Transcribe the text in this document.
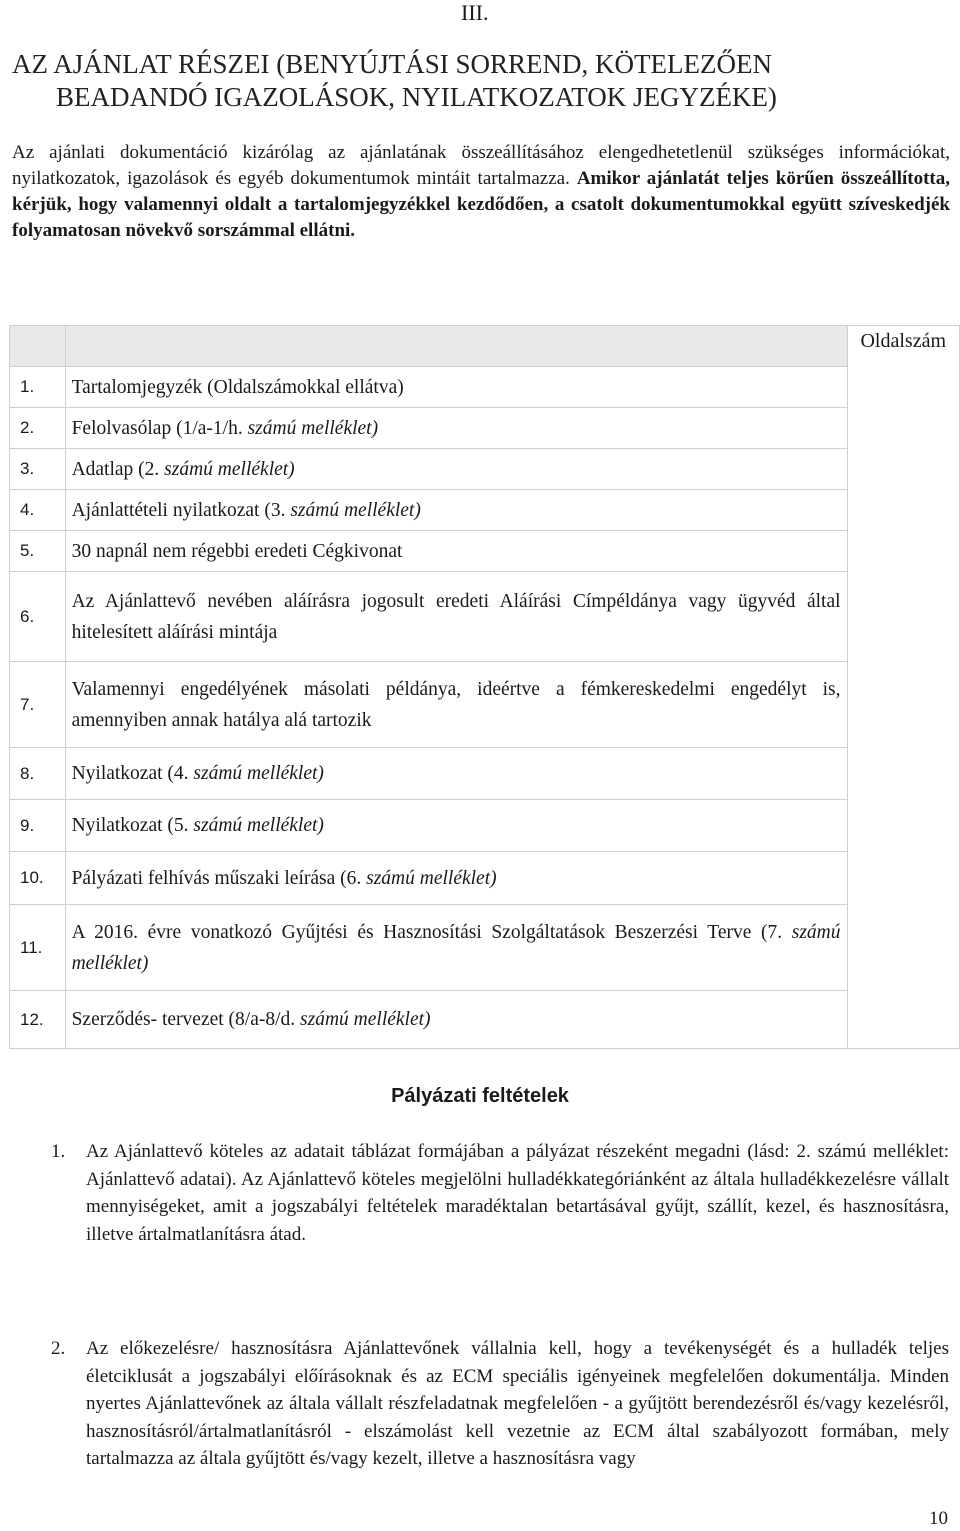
III.
AZ AJÁNLAT RÉSZEI (BENYÚJTÁSI SORREND, KÖTELEZŐEN
BEADANDÓ IGAZOLÁSOK, NYILATKOZATOK JEGYZÉKE)
Az ajánlati dokumentáció kizárólag az ajánlatának összeállításához elengedhetetlenül szükséges információkat, nyilatkozatok, igazolások és egyéb dokumentumok mintáit tartalmazza. Amikor ajánlatát teljes körűen összeállította, kérjük, hogy valamennyi oldalt a tartalomjegyzékkel kezdődően, a csatolt dokumentumokkal együtt szíveskedjék folyamatosan növekvő sorszámmal ellátni.
		Oldalszám
1.	Tartalomjegyzék (Oldalszámokkal ellátva)	
2.	Felolvasólap (1/a-1/h. számú melléklet)	
3.	Adatlap (2. számú melléklet)	
4.	Ajánlattételi nyilatkozat (3. számú melléklet)	
5.	30 napnál nem régebbi eredeti Cégkivonat	
6.	Az Ajánlattevő nevében aláírásra jogosult eredeti Aláírási Címpéldánya vagy ügyvéd által hitelesített aláírási mintája	
7.	Valamennyi engedélyének másolati példánya, ideértve a fémkereskedelmi engedélyt is, amennyiben annak hatálya alá tartozik	
8.	Nyilatkozat (4. számú melléklet)	
9.	Nyilatkozat (5. számú melléklet)	
10.	Pályázati felhívás műszaki leírása (6. számú melléklet)	
11.	A 2016. évre vonatkozó Gyűjtési és Hasznosítási Szolgáltatások Beszerzési Terve (7. számú melléklet)	
12.	Szerződés- tervezet (8/a-8/d. számú melléklet)	
Pályázati feltételek
1. Az Ajánlattevő köteles az adatait táblázat formájában a pályázat részeként megadni (lásd: 2. számú melléklet: Ajánlattevő adatai). Az Ajánlattevő köteles megjelölni hulladékkategóriánként az általa hulladékkezelésre vállalt mennyiségeket, amit a jogszabályi feltételek maradéktalan betartásával gyűjt, szállít, kezel, és hasznosításra, illetve ártalmatlanításra átad.
2. Az előkezelésre/ hasznosításra Ajánlattevőnek vállalnia kell, hogy a tevékenységét és a hulladék teljes életciklusát a jogszabályi előírásoknak és az ECM speciális igényeinek megfelelően dokumentálja. Minden nyertes Ajánlattevőnek az általa vállalt részfeladatnak megfelelően - a gyűjtött berendezésről és/vagy kezelésről, hasznosításról/ártalmatlanításról - elszámolást kell vezetnie az ECM által szabályozott formában, mely tartalmazza az általa gyűjtött és/vagy kezelt, illetve a hasznosításra vagy
10
